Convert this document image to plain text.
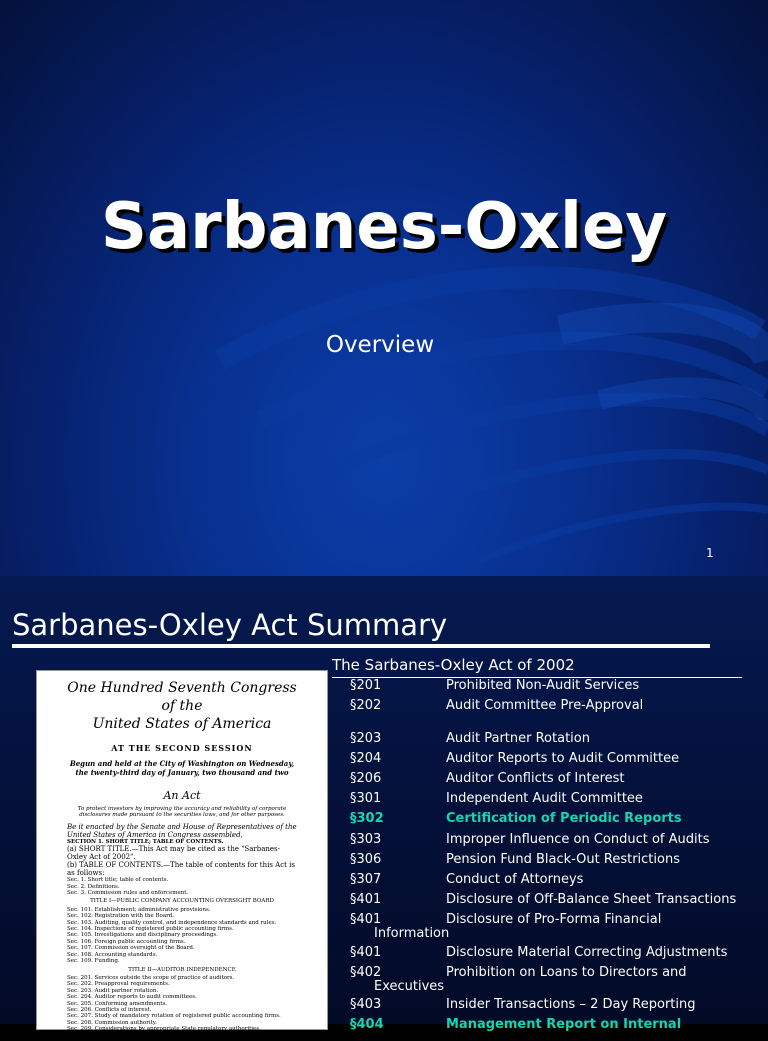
Sarbanes-Oxley
Overview
1
Sarbanes-Oxley Act Summary
One Hundred Seventh Congress
of the
United States of America
AT THE SECOND SESSION
Begun and held at the City of Washington on Wednesday,
the twenty-third day of January, two thousand and two
An Act
To protect investors by improving the accuracy and reliability of corporate disclosures made pursuant to the securities laws, and for other purposes.
Be it enacted by the Senate and House of Representatives of the United States of America in Congress assembled,
SECTION 1. SHORT TITLE; TABLE OF CONTENTS.
(a) SHORT TITLE.—This Act may be cited as the "Sarbanes-Oxley Act of 2002".
(b) TABLE OF CONTENTS.—The table of contents for this Act is as follows:
Sec. 1. Short title; table of contents.
Sec. 2. Definitions.
Sec. 3. Commission rules and enforcement.
TITLE I—PUBLIC COMPANY ACCOUNTING OVERSIGHT BOARD
Sec. 101. Establishment; administrative provisions.
Sec. 102. Registration with the Board.
Sec. 103. Auditing, quality control, and independence standards and rules.
Sec. 104. Inspections of registered public accounting firms.
Sec. 105. Investigations and disciplinary proceedings.
Sec. 106. Foreign public accounting firms.
Sec. 107. Commission oversight of the Board.
Sec. 108. Accounting standards.
Sec. 109. Funding.
TITLE II—AUDITOR INDEPENDENCE
Sec. 201. Services outside the scope of practice of auditors.
Sec. 202. Preapproval requirements.
Sec. 203. Audit partner rotation.
Sec. 204. Auditor reports to audit committees.
Sec. 205. Conforming amendments.
Sec. 206. Conflicts of interest.
Sec. 207. Study of mandatory rotation of registered public accounting firms.
Sec. 208. Commission authority.
Sec. 209. Considerations by appropriate State regulatory authorities.
TITLE III—CORPORATE RESPONSIBILITY
The Sarbanes-Oxley Act of 2002
§201	Prohibited Non-Audit Services
§202	Audit Committee Pre-Approval
§203	Audit Partner Rotation
§204	Auditor Reports to Audit Committee
§206	Auditor Conflicts of Interest
§301	Independent Audit Committee
§302	Certification of Periodic Reports
§303	Improper Influence on Conduct of Audits
§306	Pension Fund Black-Out Restrictions
§307	Conduct of Attorneys
§401	Disclosure of Off-Balance Sheet Transactions
§401	Disclosure of Pro-Forma Financial
Information
§401	Disclosure Material Correcting Adjustments
§402	Prohibition on Loans to Directors and
Executives
§403	Insider Transactions – 2 Day Reporting
§404	Management Report on Internal
